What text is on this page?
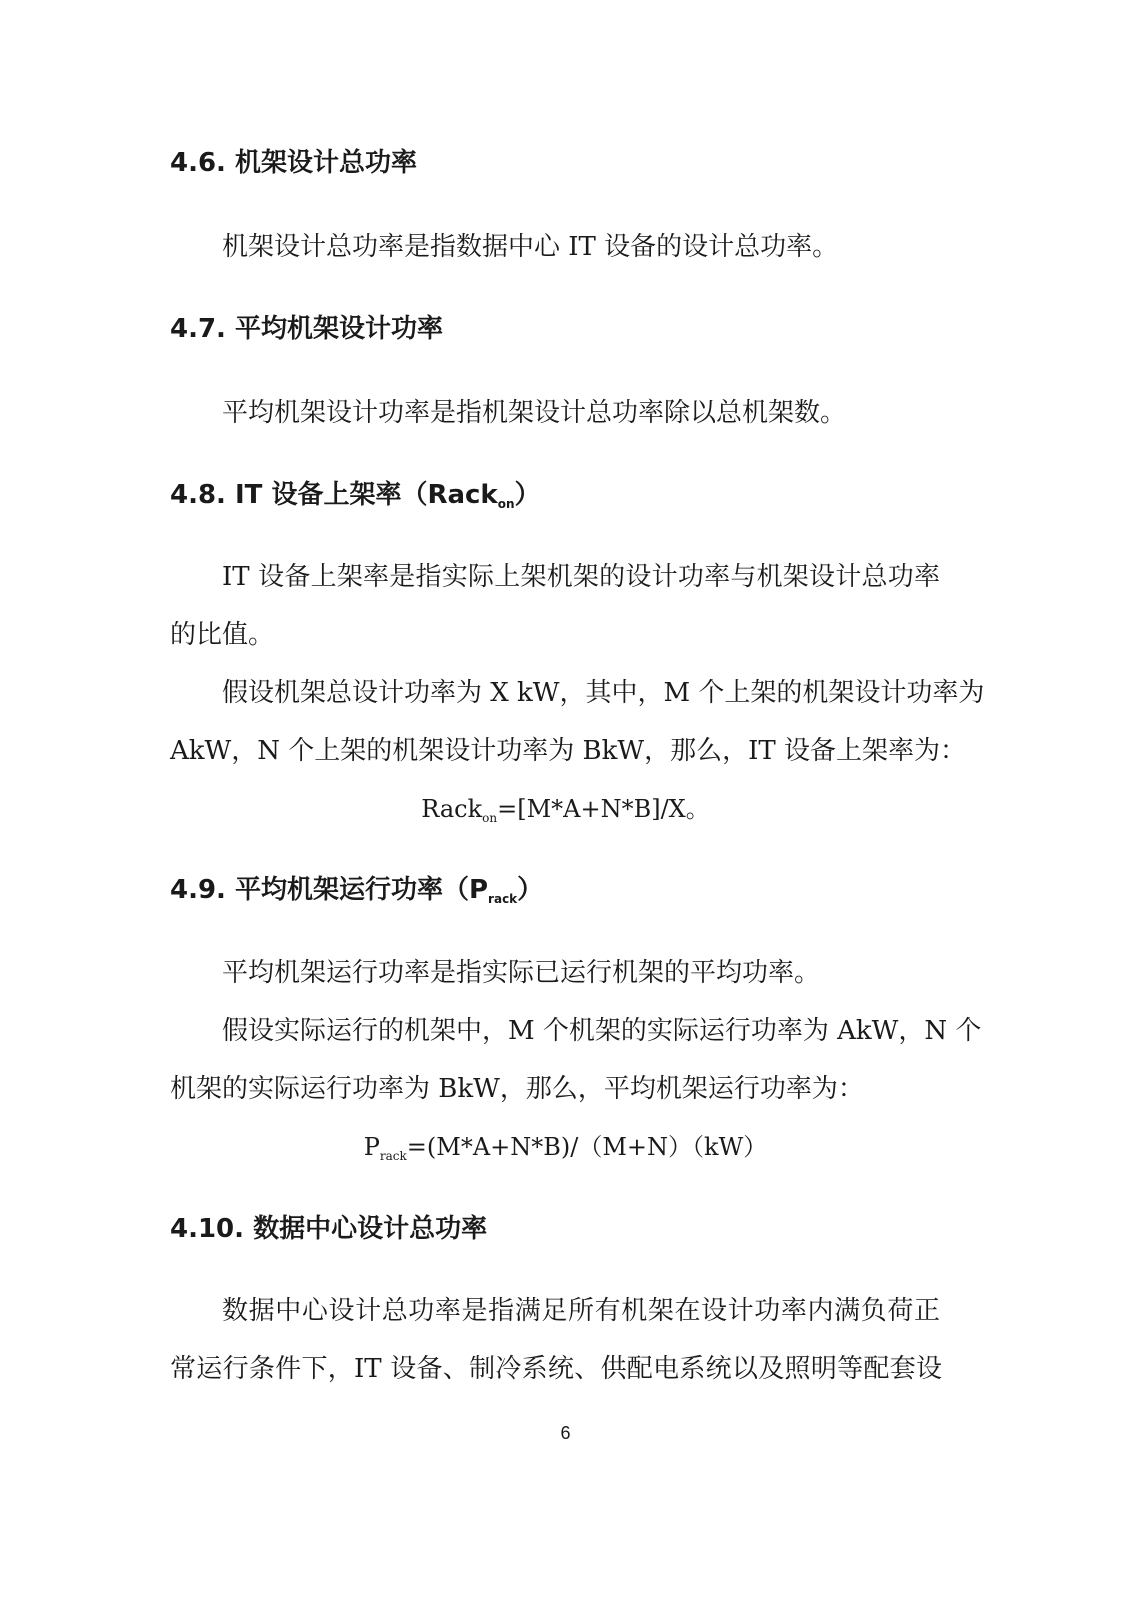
4.6. 机架设计总功率
机架设计总功率是指数据中心 IT 设备的设计总功率。
4.7. 平均机架设计功率
平均机架设计功率是指机架设计总功率除以总机架数。
4.8. IT 设备上架率（Rack$_{on}$）
IT 设备上架率是指实际上架机架的设计功率与机架设计总功率
的比值。
假设机架总设计功率为 X kW，其中，M 个上架的机架设计功率为
AkW，N 个上架的机架设计功率为 BkW，那么，IT 设备上架率为：
Rack$_{on}$=[M*A+N*B]/X。
4.9. 平均机架运行功率$(P_{rack})$
平均机架运行功率是指实际已运行机架的平均功率。
假设实际运行的机架中，M 个机架的实际运行功率为 AkW，N 个
机架的实际运行功率为 BkW，那么，平均机架运行功率为：
$P_{rack}=(M*A+N*B)/(M+N)(kW)$
4.10. 数据中心设计总功率
数据中心设计总功率是指满足所有机架在设计功率内满负荷正
常运行条件下，IT 设备、制冷系统、供配电系统以及照明等配套设
6
